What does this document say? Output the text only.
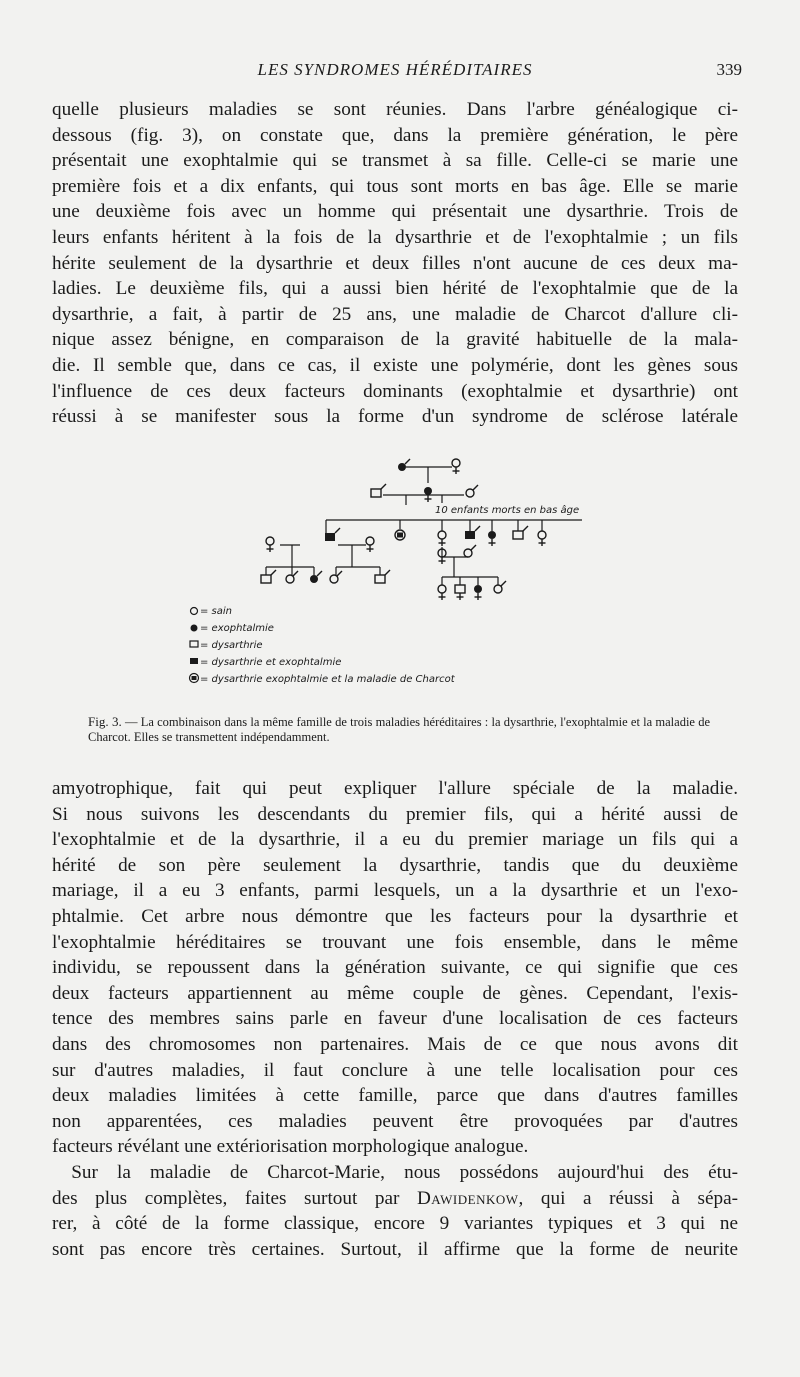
LES SYNDROMES HÉRÉDITAIRES	339

quelle plusieurs maladies se sont réunies. Dans l'arbre généalogique ci-
dessous (fig. 3), on constate que, dans la première génération, le père
présentait une exophtalmie qui se transmet à sa fille. Celle-ci se marie une
première fois et a dix enfants, qui tous sont morts en bas âge. Elle se marie
une deuxième fois avec un homme qui présentait une dysarthrie. Trois de
leurs enfants héritent à la fois de la dysarthrie et de l'exophtalmie ; un fils
hérite seulement de la dysarthrie et deux filles n'ont aucune de ces deux ma-
ladies. Le deuxième fils, qui a aussi bien hérité de l'exophtalmie que de la
dysarthrie, a fait, à partir de 25 ans, une maladie de Charcot d'allure cli-
nique assez bénigne, en comparaison de la gravité habituelle de la mala-
die. Il semble que, dans ce cas, il existe une polymérie, dont les gènes sous
l'influence de ces deux facteurs dominants (exophtalmie et dysarthrie) ont
réussi à se manifester sous la forme d'un syndrome de sclérose latérale

10 enfants morts en bas âge
= sain
= exophtalmie
= dysarthrie
= dysarthrie et exophtalmie
= dysarthrie exophtalmie et la maladie de Charcot

Fig. 3. — La combinaison dans la même famille de trois maladies héréditaires : la dysarthrie, l'exophtalmie et la maladie de Charcot. Elles se transmettent indépendamment.

amyotrophique, fait qui peut expliquer l'allure spéciale de la maladie.
Si nous suivons les descendants du premier fils, qui a hérité aussi de
l'exophtalmie et de la dysarthrie, il a eu du premier mariage un fils qui a
hérité de son père seulement la dysarthrie, tandis que du deuxième
mariage, il a eu 3 enfants, parmi lesquels, un a la dysarthrie et un l'exo-
phtalmie. Cet arbre nous démontre que les facteurs pour la dysarthrie et
l'exophtalmie héréditaires se trouvant une fois ensemble, dans le même
individu, se repoussent dans la génération suivante, ce qui signifie que ces
deux facteurs appartiennent au même couple de gènes. Cependant, l'exis-
tence des membres sains parle en faveur d'une localisation de ces facteurs
dans des chromosomes non partenaires. Mais de ce que nous avons dit
sur d'autres maladies, il faut conclure à une telle localisation pour ces
deux maladies limitées à cette famille, parce que dans d'autres familles
non apparentées, ces maladies peuvent être provoquées par d'autres
facteurs révélant une extériorisation morphologique analogue.

 Sur la maladie de Charcot-Marie, nous possédons aujourd'hui des étu-
des plus complètes, faites surtout par Dawidenkow, qui a réussi à sépa-
rer, à côté de la forme classique, encore 9 variantes typiques et 3 qui ne
sont pas encore très certaines. Surtout, il affirme que la forme de neurite
